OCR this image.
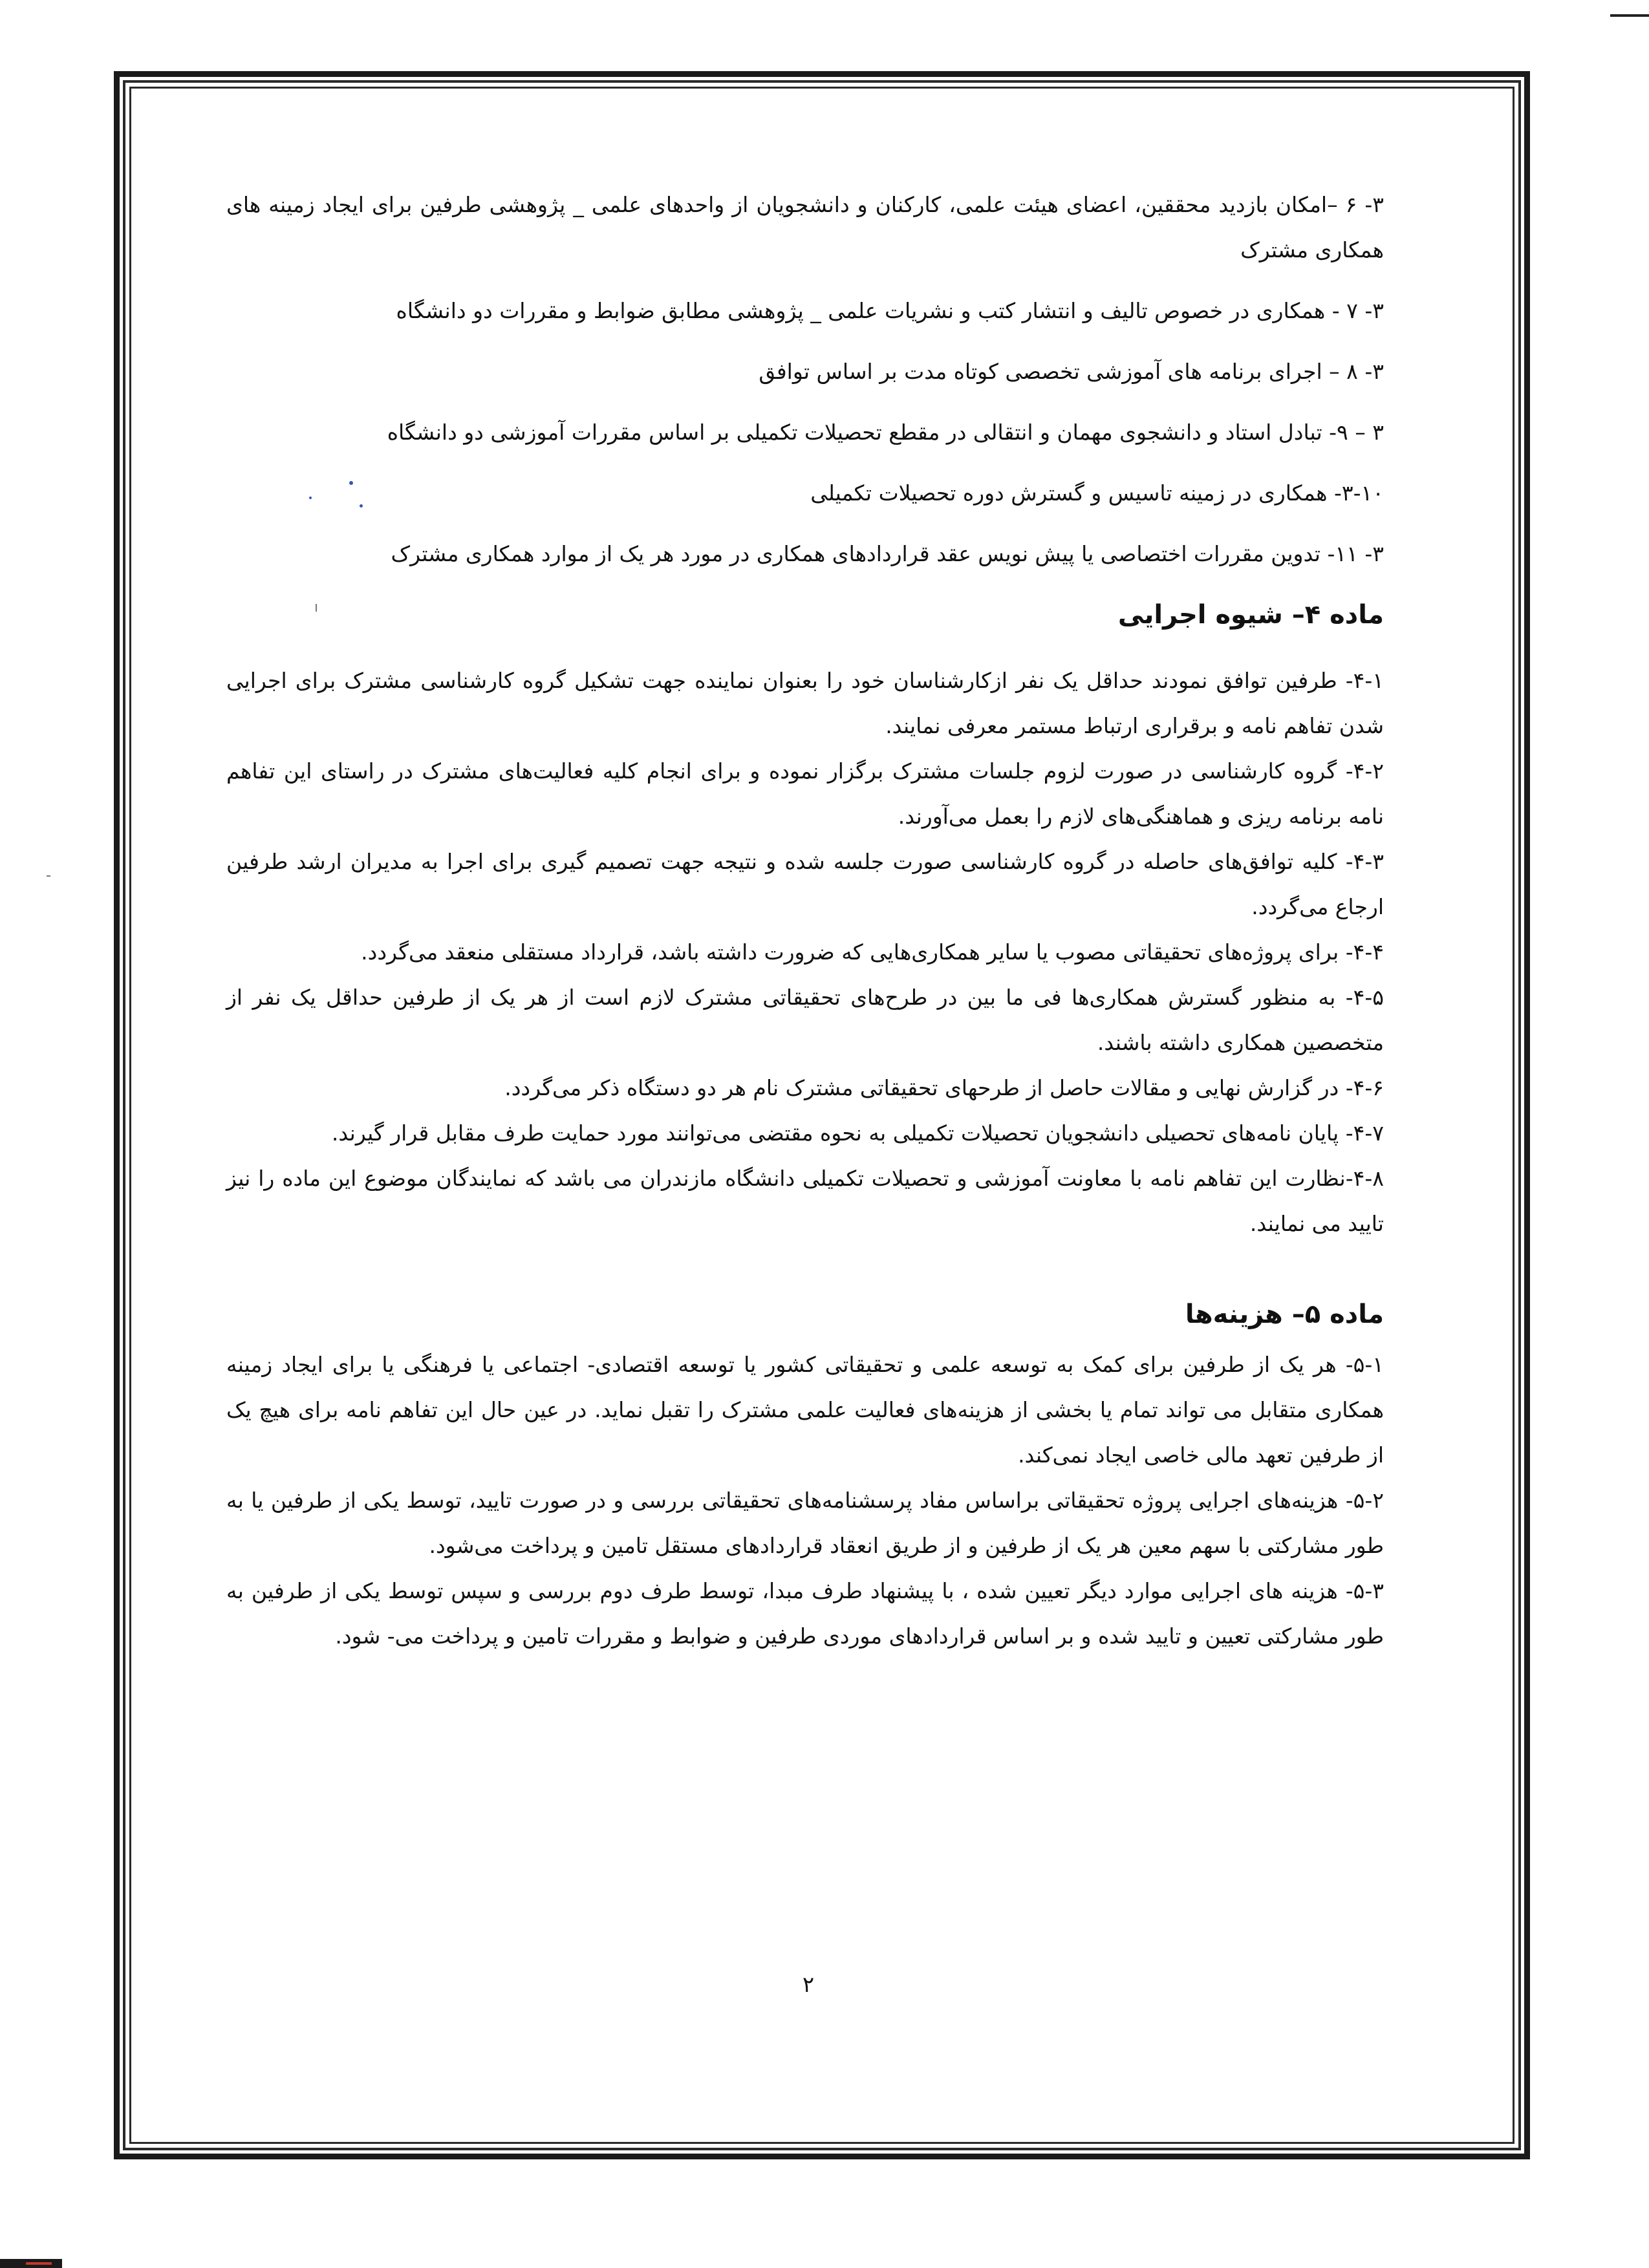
۳- ۶ –امکان بازدید محققین، اعضای هیئت علمی، کارکنان و دانشجویان از واحدهای علمی _ پژوهشی طرفین برای ایجاد زمینه های همکاری مشترک

۳- ۷ - همکاری در خصوص تالیف و انتشار کتب و نشریات علمی _ پژوهشی مطابق ضوابط و مقررات دو دانشگاه

۳- ۸ – اجرای برنامه های آموزشی تخصصی کوتاه مدت بر اساس توافق

۳ – ۹- تبادل استاد و دانشجوی مهمان و انتقالی در مقطع تحصیلات تکمیلی بر اساس مقررات آموزشی دو دانشگاه

۳-۱۰- همکاری در زمینه تاسیس و گسترش دوره تحصیلات تکمیلی

۳- ۱۱- تدوین مقررات اختصاصی یا پیش نویس عقد قراردادهای همکاری در مورد هر یک از موارد همکاری مشترک

ماده ۴– شیوه اجرایی

۴-۱- طرفین توافق نمودند حداقل یک نفر ازکارشناسان خود را بعنوان نماینده جهت تشکیل گروه کارشناسی مشترک برای اجرایی شدن تفاهم نامه و برقراری ارتباط مستمر معرفی نمایند.

۴-۲- گروه کارشناسی در صورت لزوم جلسات مشترک برگزار نموده و برای انجام کلیه فعالیت‌های مشترک در راستای این تفاهم نامه برنامه ریزی و هماهنگی‌های لازم را بعمل می‌آورند.

۴-۳- کلیه توافق‌های حاصله در گروه کارشناسی صورت جلسه شده و نتیجه جهت تصمیم گیری برای اجرا به مدیران ارشد طرفین ارجاع می‌گردد.

۴-۴- برای پروژه‌های تحقیقاتی مصوب یا سایر همکاری‌هایی که ضرورت داشته باشد، قرارداد مستقلی منعقد می‌گردد.

۴-۵- به منظور گسترش همکاری‌ها فی ما بین در طرح‌های تحقیقاتی مشترک لازم است از هر یک از طرفین حداقل یک نفر از متخصصین همکاری داشته باشند.

۴-۶- در گزارش نهایی و مقالات حاصل از طرحهای تحقیقاتی مشترک نام هر دو دستگاه ذکر می‌گردد.

۴-۷- پایان نامه‌های تحصیلی دانشجویان تحصیلات تکمیلی به نحوه مقتضی می‌توانند مورد حمایت طرف مقابل قرار گیرند.

۴-۸-نظارت این تفاهم نامه با معاونت آموزشی و تحصیلات تکمیلی دانشگاه مازندران می باشد که نمایندگان موضوع این ماده را نیز تایید می نمایند.

ماده ۵– هزینه‌ها

۵-۱- هر یک از طرفین برای کمک به توسعه علمی و تحقیقاتی کشور یا توسعه اقتصادی- اجتماعی یا فرهنگی یا برای ایجاد زمینه همکاری متقابل می تواند تمام یا بخشی از هزینه‌های فعالیت علمی مشترک را تقبل نماید. در عین حال این تفاهم نامه برای هیچ یک از طرفین تعهد مالی خاصی ایجاد نمی‌کند.

۵-۲- هزینه‌های اجرایی پروژه تحقیقاتی براساس مفاد پرسشنامه‌های تحقیقاتی بررسی و در صورت تایید، توسط یکی از طرفین یا به طور مشارکتی با سهم معین هر یک از طرفین و از طریق انعقاد قراردادهای مستقل تامین و پرداخت می‌شود.

۵-۳- هزینه های اجرایی موارد دیگر تعیین شده ، با پیشنهاد طرف مبدا، توسط طرف دوم بررسی و سپس توسط یکی از طرفین به طور مشارکتی تعیین و تایید شده و بر اساس قراردادهای موردی طرفین و ضوابط و مقررات تامین و پرداخت می- شود.

۲
